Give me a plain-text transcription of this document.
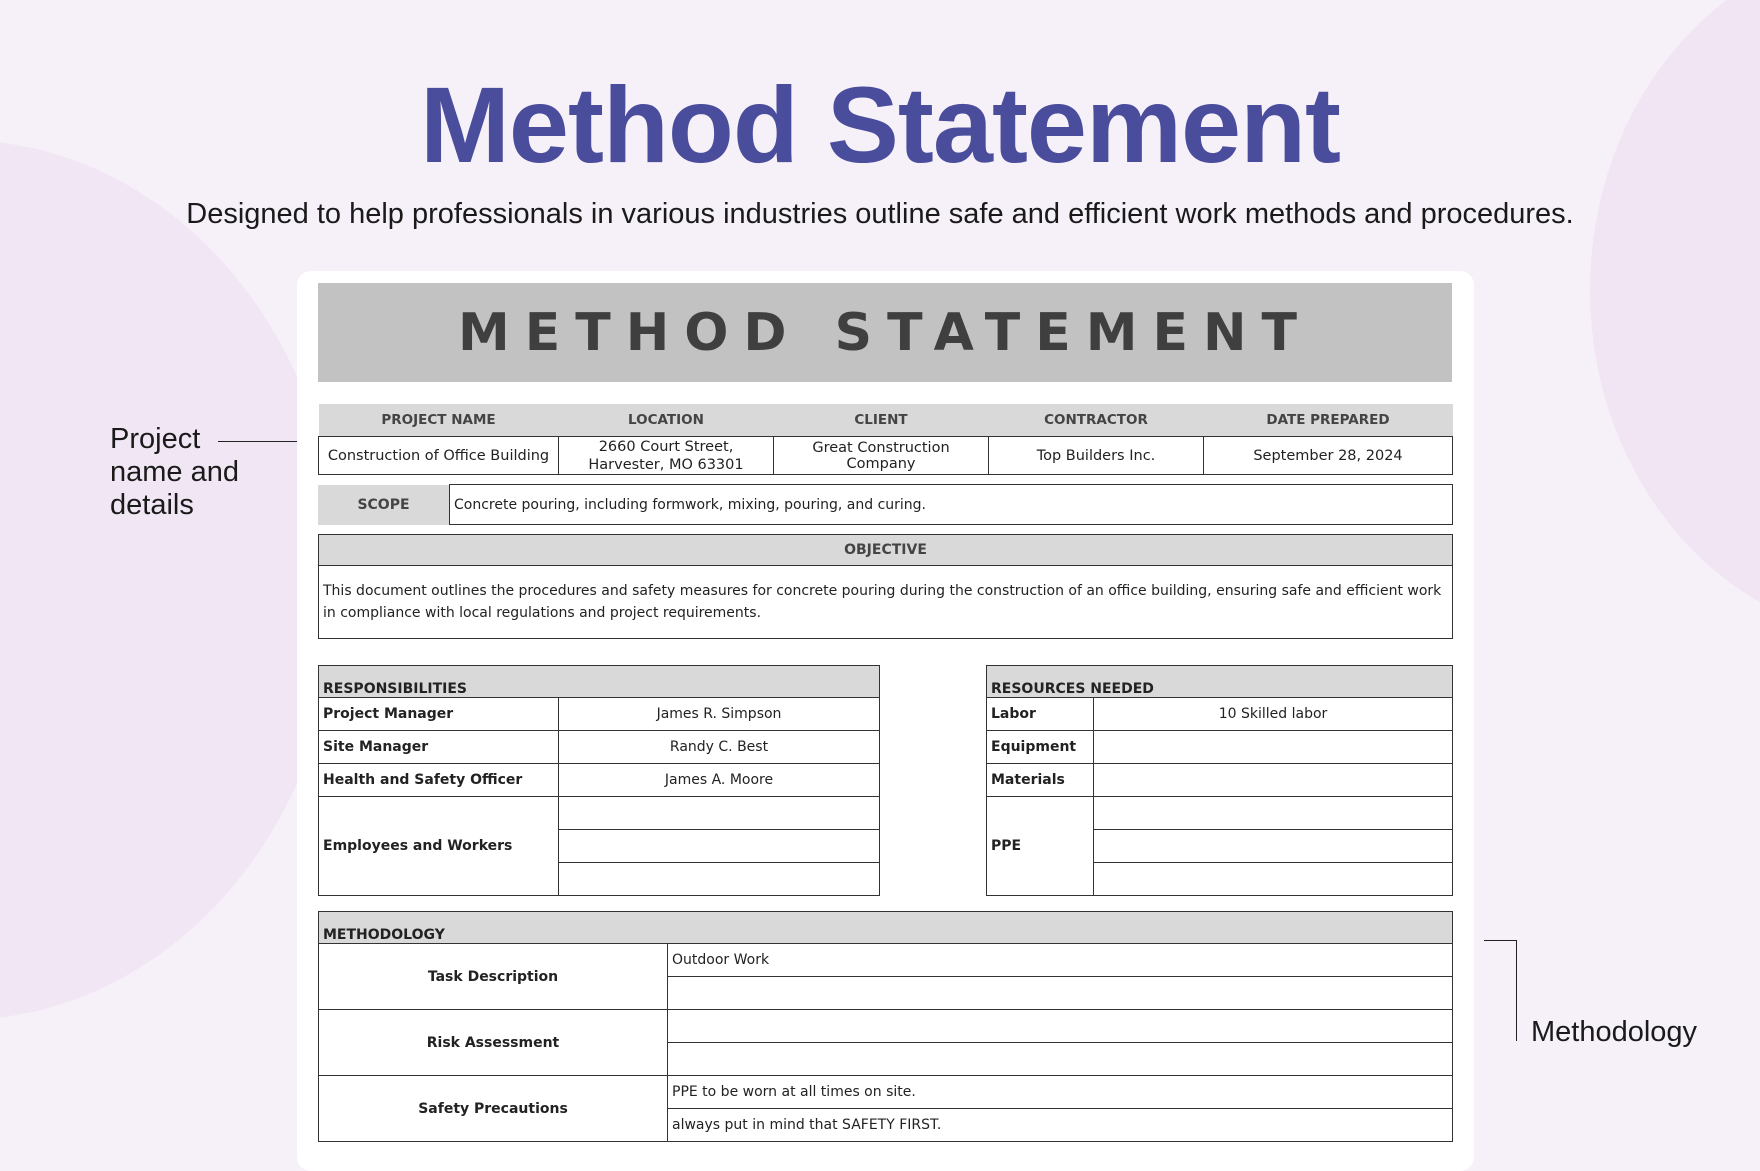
Method Statement
Designed to help professionals in various industries outline safe and efficient work methods and procedures.
Project name and details
Methodology
METHOD STATEMENT
PROJECT NAME	LOCATION	CLIENT	CONTRACTOR	DATE PREPARED
Construction of Office Building	2660 Court Street, Harvester, MO 63301	Great Construction Company	Top Builders Inc.	September 28, 2024
SCOPE	Concrete pouring, including formwork, mixing, pouring, and curing.
OBJECTIVE
This document outlines the procedures and safety measures for concrete pouring during the construction of an office building, ensuring safe and efficient work in compliance with local regulations and project requirements.
RESPONSIBILITIES	
Project Manager	James R. Simpson
Site Manager	Randy C. Best
Health and Safety Officer	James A. Moore
Employees and Workers	

RESOURCES NEEDED	
Labor	10 Skilled labor
Equipment	
Materials	
PPE	

METHODOLOGY	
Task Description	Outdoor Work

Risk Assessment	

Safety Precautions	PPE to be worn at all times on site.
	always put in mind that SAFETY FIRST.
